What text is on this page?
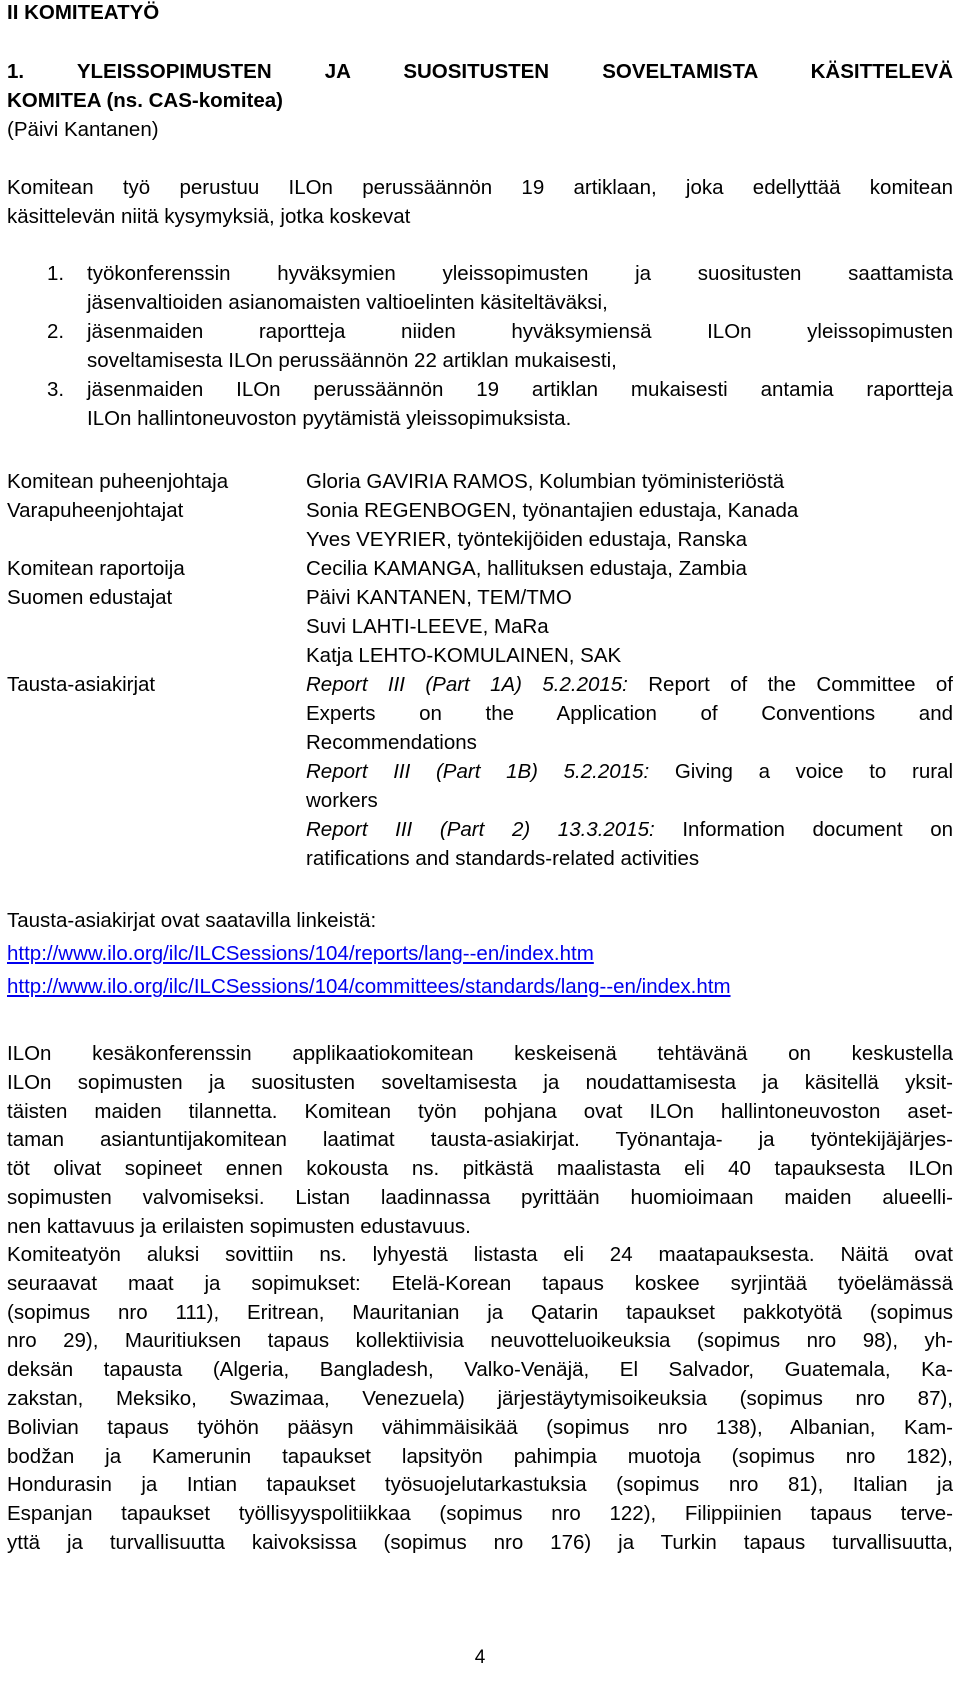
II KOMITEATYÖ
1. YLEISSOPIMUSTEN JA SUOSITUSTEN SOVELTAMISTA KÄSITTELEVÄ
KOMITEA (ns. CAS-komitea)
(Päivi Kantanen)
Komitean työ perustuu ILOn perussäännön 19 artiklaan, joka edellyttää komitean
käsittelevän niitä kysymyksiä, jotka koskevat
1. työkonferenssin hyväksymien yleissopimusten ja suositusten saattamista
jäsenvaltioiden asianomaisten valtioelinten käsiteltäväksi,
2. jäsenmaiden raportteja niiden hyväksymiensä ILOn yleissopimusten
soveltamisesta ILOn perussäännön 22 artiklan mukaisesti,
3. jäsenmaiden ILOn perussäännön 19 artiklan mukaisesti antamia raportteja
ILOn hallintoneuvoston pyytämistä yleissopimuksista.
Komitean puheenjohtaja	Gloria GAVIRIA RAMOS, Kolumbian työministeriöstä
Varapuheenjohtajat	Sonia REGENBOGEN, työnantajien edustaja, Kanada
Yves VEYRIER, työntekijöiden edustaja, Ranska
Komitean raportoija	Cecilia KAMANGA, hallituksen edustaja, Zambia
Suomen edustajat	Päivi KANTANEN, TEM/TMO
Suvi LAHTI-LEEVE, MaRa
Katja LEHTO-KOMULAINEN, SAK
Tausta-asiakirjat	Report III (Part 1A) 5.2.2015: Report of the Committee of
Experts on the Application of Conventions and
Recommendations
Report III (Part 1B) 5.2.2015: Giving a voice to rural
workers
Report III (Part 2) 13.3.2015: Information document on
ratifications and standards-related activities
Tausta-asiakirjat ovat saatavilla linkeistä:
http://www.ilo.org/ilc/ILCSessions/104/reports/lang--en/index.htm
http://www.ilo.org/ilc/ILCSessions/104/committees/standards/lang--en/index.htm
ILOn kesäkonferenssin applikaatiokomitean keskeisenä tehtävänä on keskustella
ILOn sopimusten ja suositusten soveltamisesta ja noudattamisesta ja käsitellä yksit-
täisten maiden tilannetta. Komitean työn pohjana ovat ILOn hallintoneuvoston aset-
taman asiantuntijakomitean laatimat tausta-asiakirjat. Työnantaja- ja työntekijäjärjes-
töt olivat sopineet ennen kokousta ns. pitkästä maalistasta eli 40 tapauksesta ILOn
sopimusten valvomiseksi. Listan laadinnassa pyrittään huomioimaan maiden alueelli-
nen kattavuus ja erilaisten sopimusten edustavuus.
Komiteatyön aluksi sovittiin ns. lyhyestä listasta eli 24 maatapauksesta. Näitä ovat
seuraavat maat ja sopimukset: Etelä-Korean tapaus koskee syrjintää työelämässä
(sopimus nro 111), Eritrean, Mauritanian ja Qatarin tapaukset pakkotyötä (sopimus
nro 29), Mauritiuksen tapaus kollektiivisia neuvotteluoikeuksia (sopimus nro 98), yh-
deksän tapausta (Algeria, Bangladesh, Valko-Venäjä, El Salvador, Guatemala, Ka-
zakstan, Meksiko, Swazimaa, Venezuela) järjestäytymisoikeuksia (sopimus nro 87),
Bolivian tapaus työhön pääsyn vähimmäisikää (sopimus nro 138), Albanian, Kam-
bodžan ja Kamerunin tapaukset lapsityön pahimpia muotoja (sopimus nro 182),
Hondurasin ja Intian tapaukset työsuojelutarkastuksia (sopimus nro 81), Italian ja
Espanjan tapaukset työllisyyspolitiikkaa (sopimus nro 122), Filippiinien tapaus terve-
yttä ja turvallisuutta kaivoksissa (sopimus nro 176) ja Turkin tapaus turvallisuutta,
4
